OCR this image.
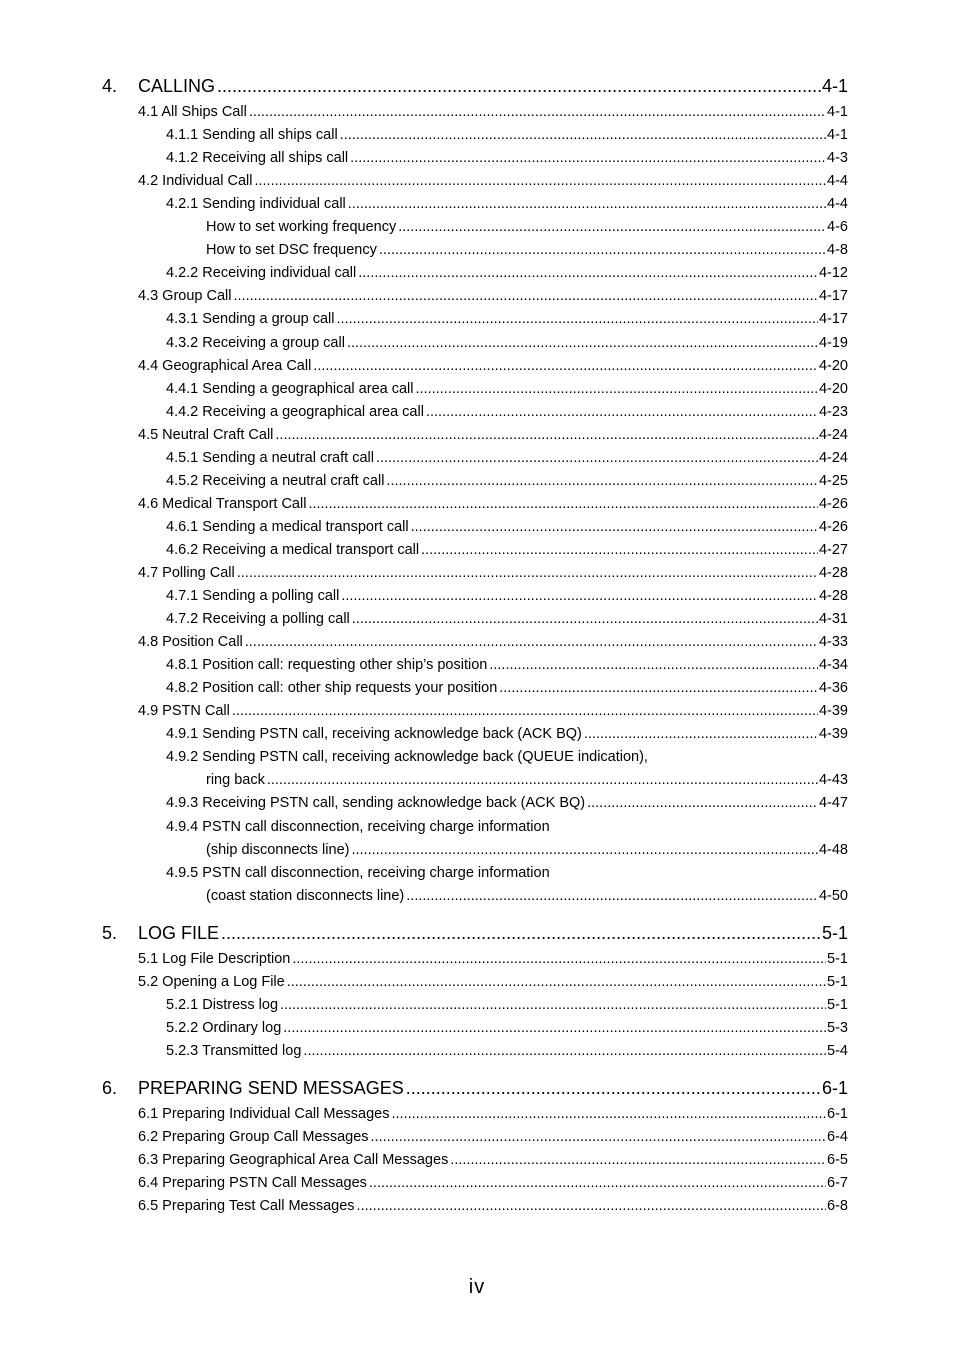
4. CALLING .....	4-1
4.1 All Ships Call .....	4-1
4.1.1 Sending all ships call .....	4-1
4.1.2 Receiving all ships call .....	4-3
4.2 Individual Call .....	4-4
4.2.1 Sending individual call .....	4-4
How to set working frequency .....	4-6
How to set DSC frequency .....	4-8
4.2.2 Receiving individual call .....	4-12
4.3 Group Call .....	4-17
4.3.1 Sending a group call .....	4-17
4.3.2 Receiving a group call .....	4-19
4.4 Geographical Area Call .....	4-20
4.4.1 Sending a geographical area call .....	4-20
4.4.2 Receiving a geographical area call .....	4-23
4.5 Neutral Craft Call .....	4-24
4.5.1 Sending a neutral craft call .....	4-24
4.5.2 Receiving a neutral craft call .....	4-25
4.6 Medical Transport Call .....	4-26
4.6.1 Sending a medical transport call .....	4-26
4.6.2 Receiving a medical transport call .....	4-27
4.7 Polling Call .....	4-28
4.7.1 Sending a polling call .....	4-28
4.7.2 Receiving a polling call .....	4-31
4.8 Position Call .....	4-33
4.8.1 Position call: requesting other ship’s position .....	4-34
4.8.2 Position call: other ship requests your position .....	4-36
4.9 PSTN Call .....	4-39
4.9.1 Sending PSTN call, receiving acknowledge back (ACK BQ) .....	4-39
4.9.2 Sending PSTN call, receiving acknowledge back (QUEUE indication),
ring back .....	4-43
4.9.3 Receiving PSTN call, sending acknowledge back (ACK BQ) .....	4-47
4.9.4 PSTN call disconnection, receiving charge information
(ship disconnects line) .....	4-48
4.9.5 PSTN call disconnection, receiving charge information
(coast station disconnects line) .....	4-50
5. LOG FILE .....	5-1
5.1 Log File Description .....	5-1
5.2 Opening a Log File .....	5-1
5.2.1 Distress log .....	5-1
5.2.2 Ordinary log .....	5-3
5.2.3 Transmitted log .....	5-4
6. PREPARING SEND MESSAGES .....	6-1
6.1 Preparing Individual Call Messages .....	6-1
6.2 Preparing Group Call Messages .....	6-4
6.3 Preparing Geographical Area Call Messages .....	6-5
6.4 Preparing PSTN Call Messages .....	6-7
6.5 Preparing Test Call Messages .....	6-8
iv
